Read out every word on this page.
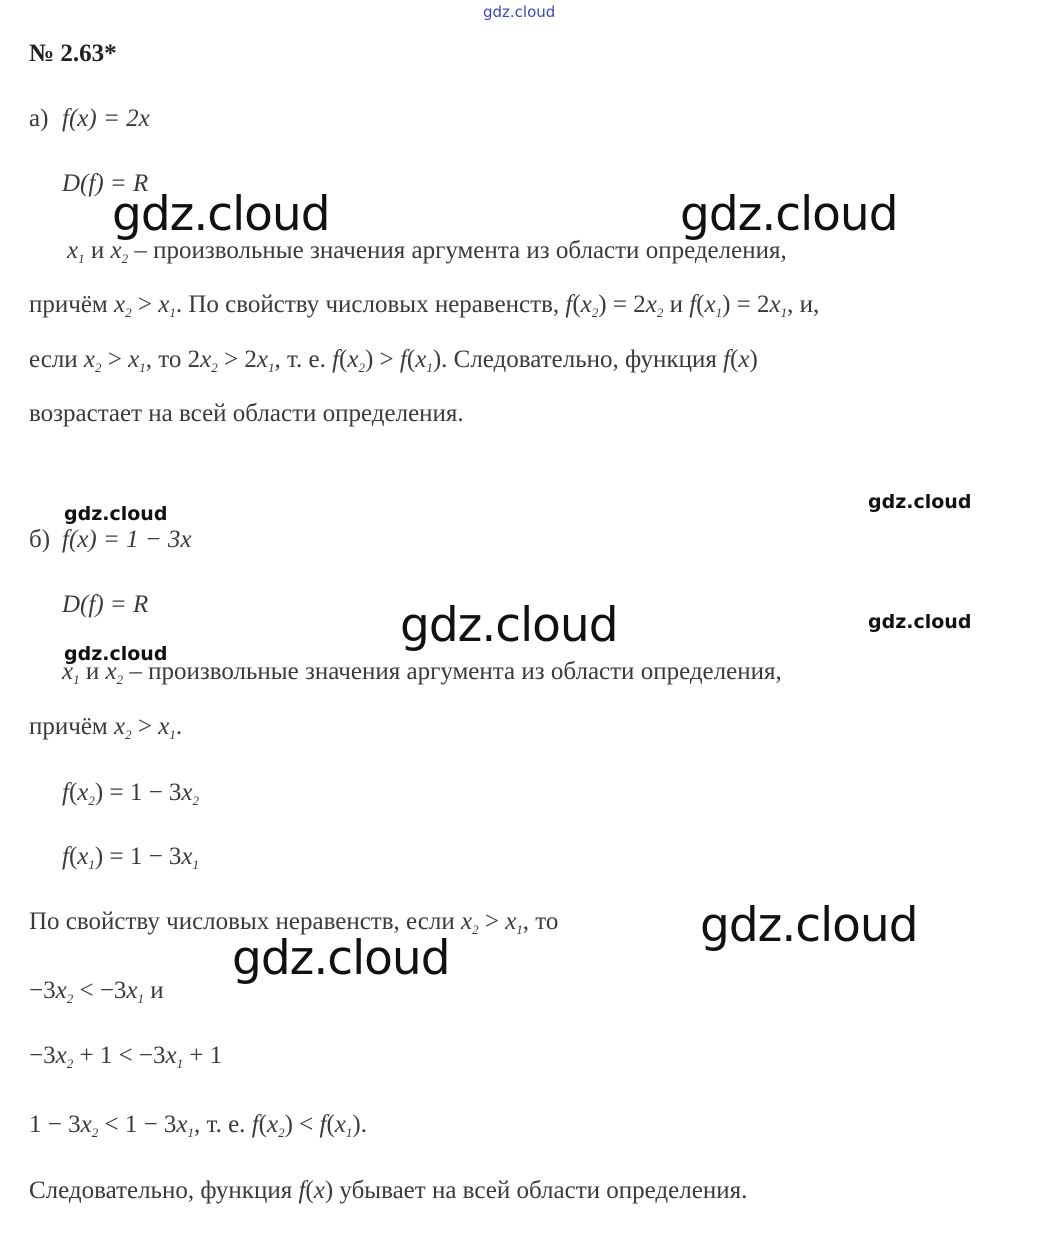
gdz.cloud
№ 2.63*
а) f(x) = 2x
D(f) = R
$x_1$ и $x_2$ – произвольные значения аргумента из области определения,
причём $x_2 > x_1$. По свойству числовых неравенств, $f(x_2) = 2x_2$ и $f(x_1) = 2x_1$, и,
если $x_2 > x_1$, то $2x_2 > 2x_1$, т. е. $f(x_2) > f(x_1)$. Следовательно, функция f(x)
возрастает на всей области определения.
б) f(x) = 1 − 3x
D(f) = R
$x_1$ и $x_2$ – произвольные значения аргумента из области определения,
причём $x_2 > x_1$.
$f(x_2) = 1 - 3x_2$
$f(x_1) = 1 - 3x_1$
По свойству числовых неравенств, если $x_2 > x_1$, то
$-3x_2 < -3x_1$ и
$-3x_2 + 1 < -3x_1 + 1$
$1 - 3x_2 < 1 - 3x_1$, т. е. $f(x_2) < f(x_1)$.
Следовательно, функция f(x) убывает на всей области определения.
gdz.cloud	gdz.cloud
gdz.cloud
gdz.cloud
gdz.cloud	gdz.cloud
gdz.cloud
gdz.cloud
gdz.cloud
